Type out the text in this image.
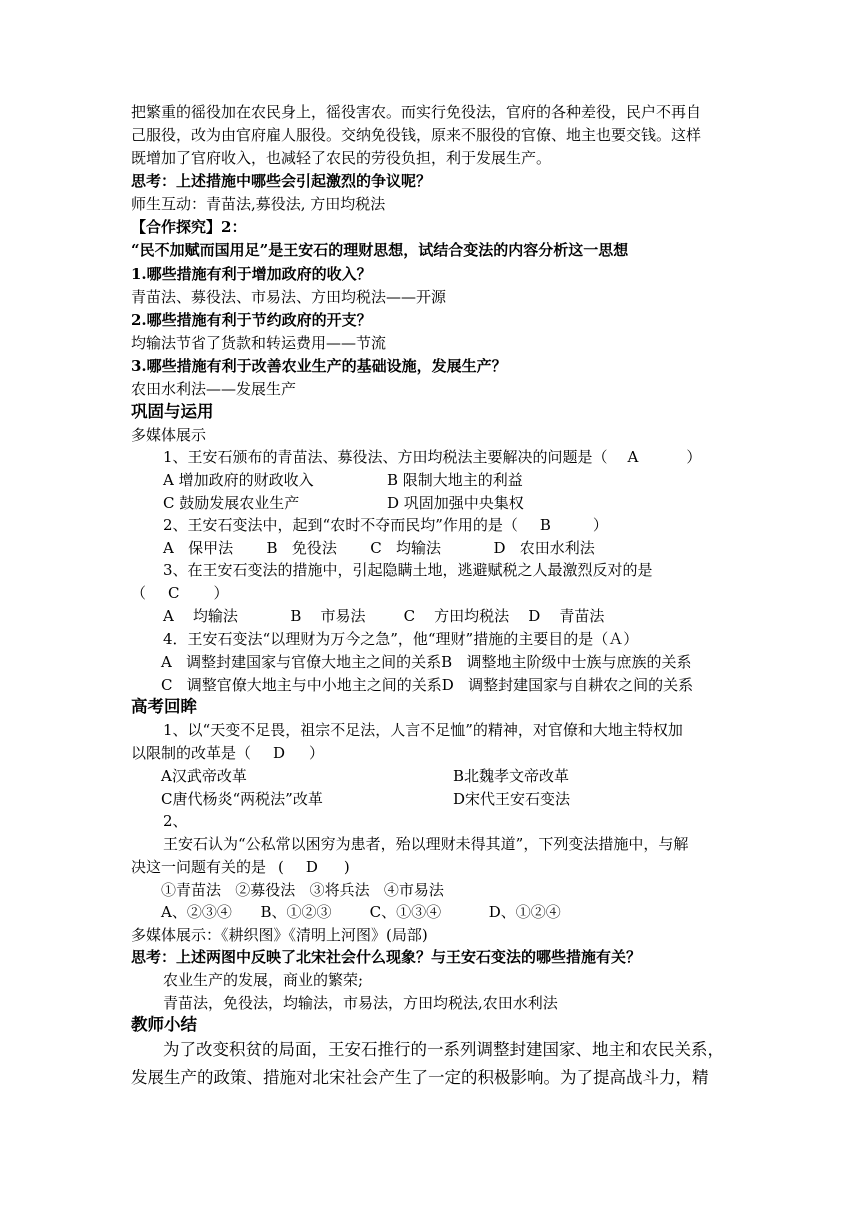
把繁重的徭役加在农民身上，徭役害农。而实行免役法，官府的各种差役，民户不再自
己服役，改为由官府雇人服役。交纳免役钱，原来不服役的官僚、地主也要交钱。这样
既增加了官府收入，也减轻了农民的劳役负担，利于发展生产。
思考：上述措施中哪些会引起激烈的争议呢？
师生互动：青苗法,募役法, 方田均税法
【合作探究】2：
“民不加赋而国用足”是王安石的理财思想，试结合变法的内容分析这一思想
1.哪些措施有利于增加政府的收入？
青苗法、募役法、市易法、方田均税法——开源
2.哪些措施有利于节约政府的开支？
均输法节省了货款和转运费用——节流
3.哪些措施有利于改善农业生产的基础设施，发展生产？
农田水利法——发展生产
巩固与运用
多媒体展示
1、王安石颁布的青苗法、募役法、方田均税法主要解决的问题是（ A	）
A 增加政府的财政收入	B 限制大地主的利益
C 鼓励发展农业生产	D 巩固加强中央集权
2、王安石变法中，起到“农时不夺而民均”作用的是（ B	）
A   保甲法       B   免役法       C   均输法           D   农田水利法
3、在王安石变法的措施中，引起隐瞒土地，逃避赋税之人最激烈反对的是
（ C ）
A    均输法           B    市易法        C    方田均税法    D    青苗法
4．王安石变法“以理财为万今之急”，他“理财”措施的主要目的是（Ａ）
A   调整封建国家与官僚大地主之间的关系B   调整地主阶级中士族与庶族的关系
C   调整官僚大地主与中小地主之间的关系D   调整封建国家与自耕农之间的关系
高考回眸
1、以“天变不足畏，祖宗不足法，人言不足恤”的精神，对官僚和大地主特权加
以限制的改革是（ D ）
A汉武帝改革	B北魏孝文帝改革
C唐代杨炎“两税法”改革	D宋代王安石变法
2、
王安石认为“公私常以困穷为患者，殆以理财未得其道”，下列变法措施中，与解
决这一问题有关的是 ( D )
①青苗法   ②募役法   ③将兵法   ④市易法
A、②③④      B、①②③        C、①③④          D、①②④
多媒体展示：《耕织图》《清明上河图》(局部)
思考：上述两图中反映了北宋社会什么现象？与王安石变法的哪些措施有关？
农业生产的发展，商业的繁荣;
青苗法，免役法，均输法，市易法，方田均税法,农田水利法
教师小结
为了改变积贫的局面，王安石推行的一系列调整封建国家、地主和农民关系，
发展生产的政策、措施对北宋社会产生了一定的积极影响。为了提高战斗力，精
